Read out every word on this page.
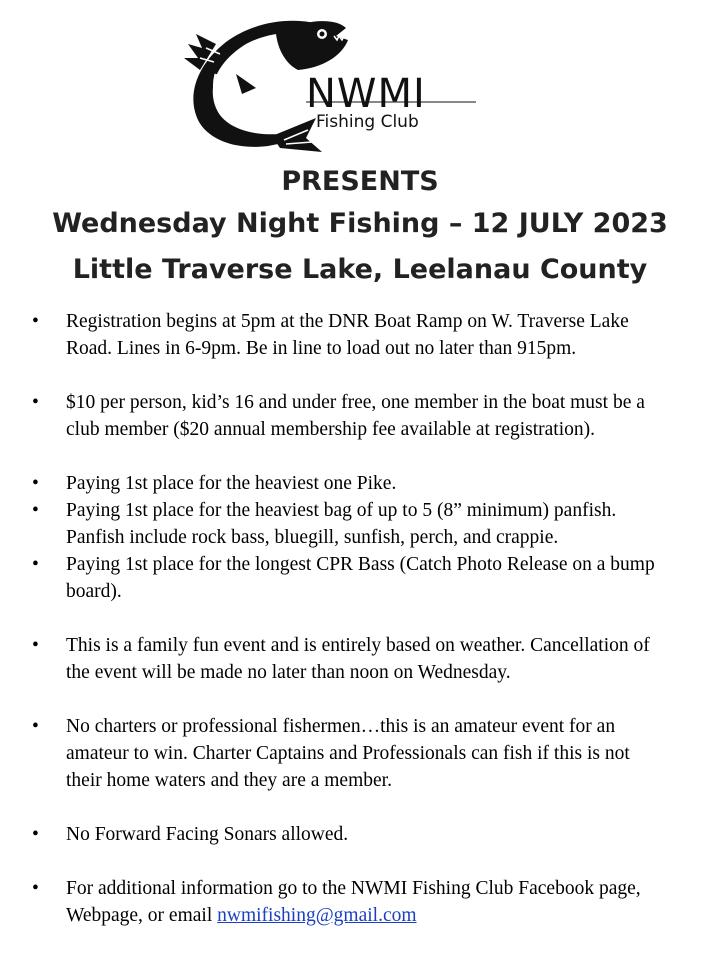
NWMI
Fishing Club
PRESENTS
Wednesday Night Fishing – 12 JULY 2023
Little Traverse Lake, Leelanau County
• Registration begins at 5pm at the DNR Boat Ramp on W. Traverse Lake Road. Lines in 6-9pm. Be in line to load out no later than 915pm.
• $10 per person, kid’s 16 and under free, one member in the boat must be a club member ($20 annual membership fee available at registration).
• Paying 1st place for the heaviest one Pike.
• Paying 1st place for the heaviest bag of up to 5 (8” minimum) panfish. Panfish include rock bass, bluegill, sunfish, perch, and crappie.
• Paying 1st place for the longest CPR Bass (Catch Photo Release on a bump board).
• This is a family fun event and is entirely based on weather. Cancellation of the event will be made no later than noon on Wednesday.
• No charters or professional fishermen…this is an amateur event for an amateur to win. Charter Captains and Professionals can fish if this is not their home waters and they are a member.
• No Forward Facing Sonars allowed.
• For additional information go to the NWMI Fishing Club Facebook page, Webpage, or email nwmifishing@gmail.com
